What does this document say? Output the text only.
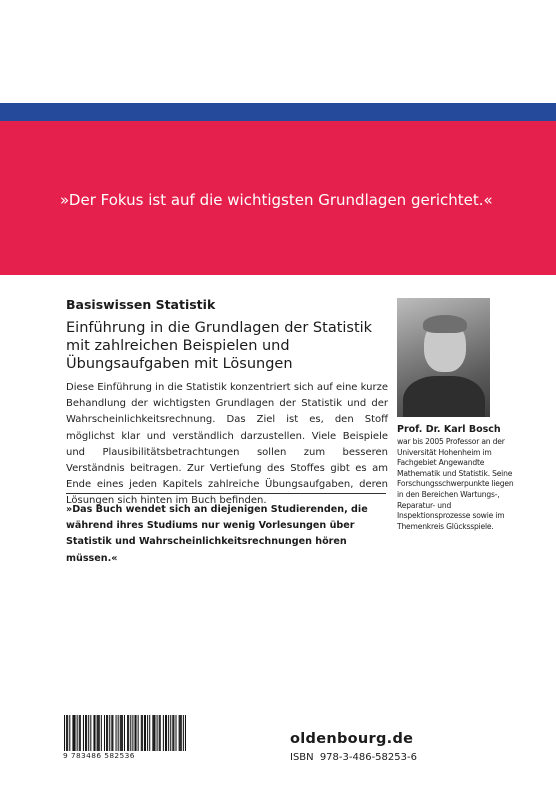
»Der Fokus ist auf die wichtigsten Grundlagen gerichtet.«
Basiswissen Statistik
Einführung in die Grundlagen der Statistik mit zahlreichen Beispielen und Übungsaufgaben mit Lösungen
Diese Einführung in die Statistik konzentriert sich auf eine kurze Behandlung der wichtigsten Grundlagen der Statistik und der Wahrscheinlichkeitsrechnung. Das Ziel ist es, den Stoff möglichst klar und verständlich darzustellen. Viele Beispiele und Plausibilitätsbetrachtungen sollen zum besseren Verständnis beitragen. Zur Vertiefung des Stoffes gibt es am Ende eines jeden Kapitels zahlreiche Übungsaufgaben, deren Lösungen sich hinten im Buch befinden.
»Das Buch wendet sich an diejenigen Studierenden, die während ihres Studiums nur wenig Vorlesungen über Statistik und Wahrscheinlichkeitsrechnungen hören müssen.«
Prof. Dr. Karl Bosch
war bis 2005 Professor an der Universität Hohenheim im Fachgebiet Angewandte Mathematik und Statistik. Seine Forschungsschwerpunkte liegen in den Bereichen Wartungs-, Reparatur- und Inspektionsprozesse sowie im Themenkreis Glücksspiele.
9 783486 582536
oldenbourg.de
ISBN 978-3-486-58253-6
